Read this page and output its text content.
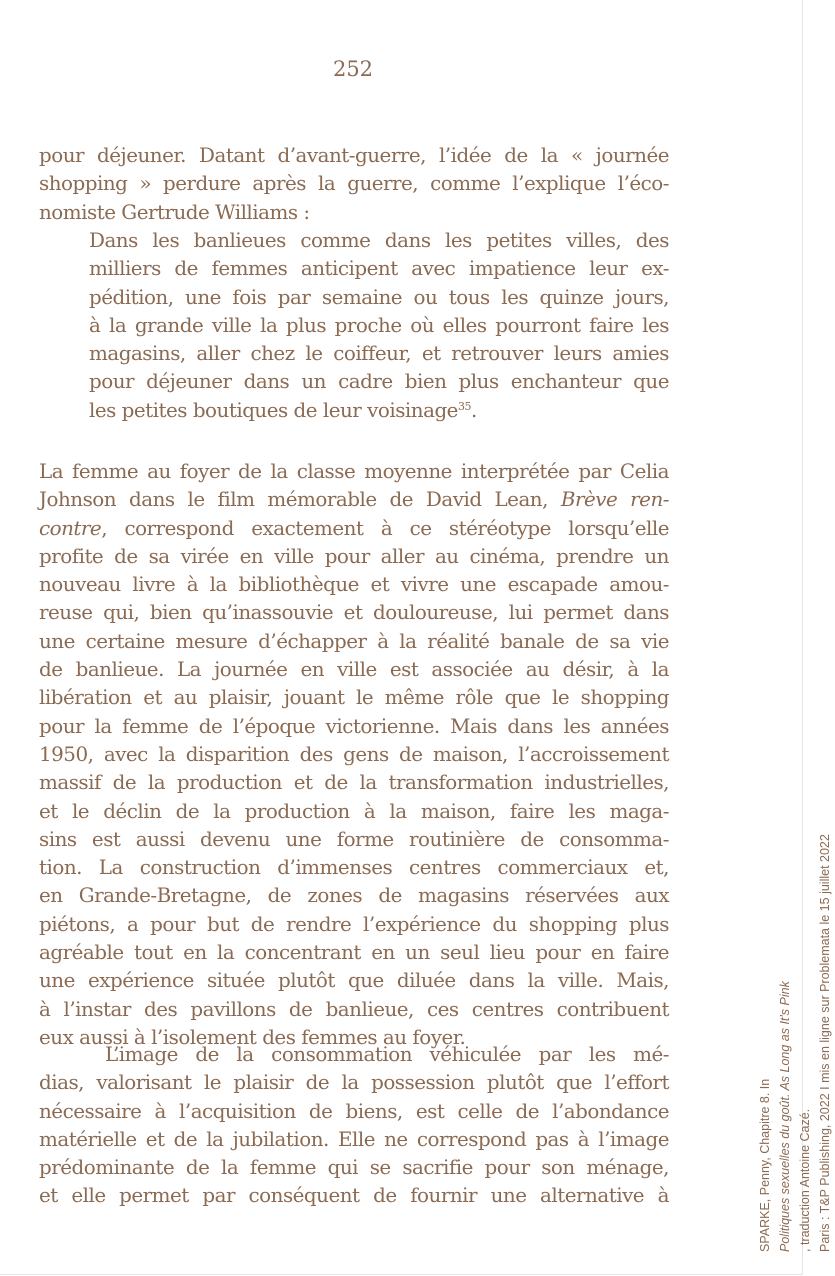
252
pour déjeuner. Datant d’avant-guerre, l’idée de la « journée
shopping » perdure après la guerre, comme l’explique l’éco-
nomiste Gertrude Williams :
Dans les banlieues comme dans les petites villes, des
milliers de femmes anticipent avec impatience leur ex-
pédition, une fois par semaine ou tous les quinze jours,
à la grande ville la plus proche où elles pourront faire les
magasins, aller chez le coiffeur, et retrouver leurs amies
pour déjeuner dans un cadre bien plus enchanteur que
les petites boutiques de leur voisinage$^{35}$.
La femme au foyer de la classe moyenne interprétée par Celia
Johnson dans le film mémorable de David Lean, Brève ren-
contre, correspond exactement à ce stéréotype lorsqu’elle
profite de sa virée en ville pour aller au cinéma, prendre un
nouveau livre à la bibliothèque et vivre une escapade amou-
reuse qui, bien qu’inassouvie et douloureuse, lui permet dans
une certaine mesure d’échapper à la réalité banale de sa vie
de banlieue. La journée en ville est associée au désir, à la
libération et au plaisir, jouant le même rôle que le shopping
pour la femme de l’époque victorienne. Mais dans les années
1950, avec la disparition des gens de maison, l’accroissement
massif de la production et de la transformation industrielles,
et le déclin de la production à la maison, faire les maga-
sins est aussi devenu une forme routinière de consomma-
tion. La construction d’immenses centres commerciaux et,
en Grande-Bretagne, de zones de magasins réservées aux
piétons, a pour but de rendre l’expérience du shopping plus
agréable tout en la concentrant en un seul lieu pour en faire
une expérience située plutôt que diluée dans la ville. Mais,
à l’instar des pavillons de banlieue, ces centres contribuent
eux aussi à l’isolement des femmes au foyer.
L’image de la consommation véhiculée par les mé-
dias, valorisant le plaisir de la possession plutôt que l’effort
nécessaire à l’acquisition de biens, est celle de l’abondance
matérielle et de la jubilation. Elle ne correspond pas à l’image
prédominante de la femme qui se sacrifie pour son ménage,
et elle permet par conséquent de fournir une alternative à	SPARKE, Penny, Chapitre 8. In Politiques sexuelles du goût. As Long as It's Pink , traduction Antoine Cazé. Paris : T&P Publishing, 2022 I mis en ligne sur Problemata le 15 juillet 2022
